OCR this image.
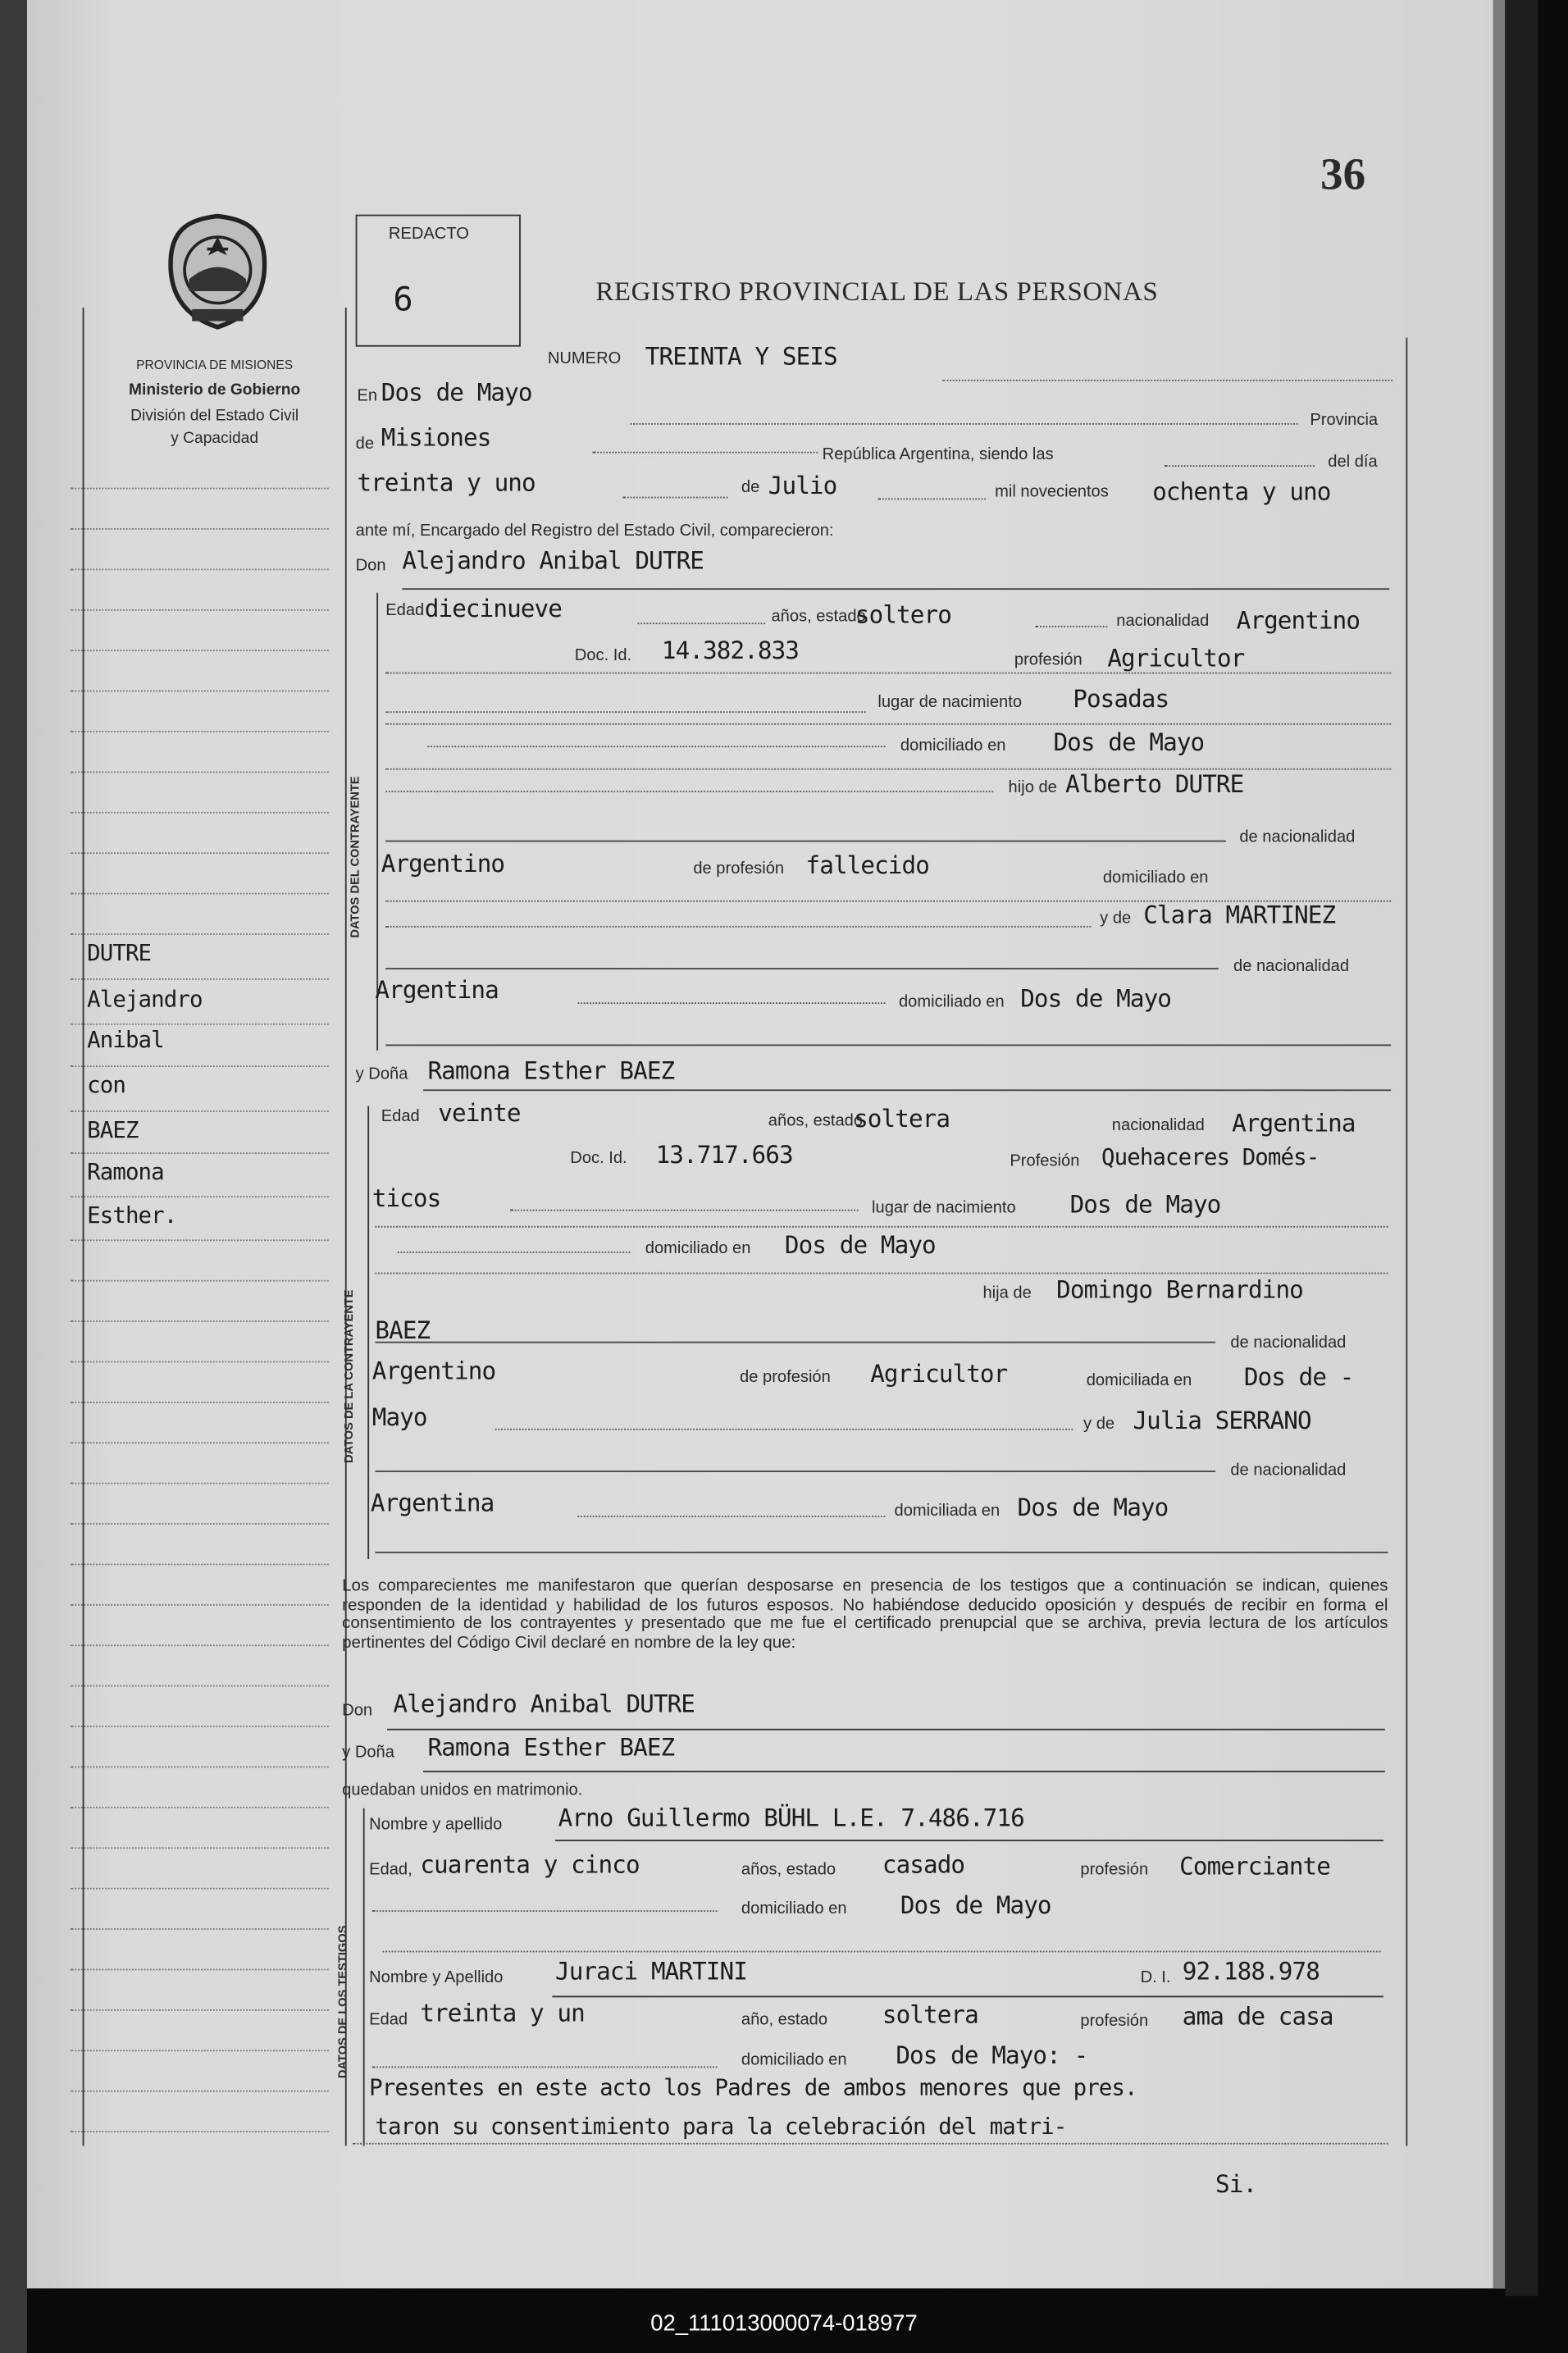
36
REDACTO
6	REGISTRO PROVINCIAL DE LAS PERSONAS
PROVINCIA DE MISIONES
Ministerio de Gobierno
División del Estado Civil
y Capacidad
DUTRE
Alejandro
Anibal
con
BAEZ
Ramona
Esther.
DATOS DEL CONTRAYENTE
DATOS DE LA CONTRAYENTE
DATOS DE LOS TESTIGOS
NUMERO TREINTA Y SEIS
En Dos de Mayo
Provincia
de Misiones
República Argentina, siendo las	del día
treinta y uno	de Julio	mil novecientos	ochenta y uno
ante mí, Encargado del Registro del Estado Civil, comparecieron:
Don Alejandro Anibal DUTRE
Edad diecinueve	años, estado
soltero	nacionalidad Argentino
Doc. Id. 14.382.833	profesión Agricultor
lugar de nacimiento	Posadas
domiciliado en	Dos de Mayo
hijo de Alberto DUTRE
de nacionalidad
Argentino	de profesión fallecido	domiciliado en
y de Clara MARTINEZ
de nacionalidad
Argentina	domiciliado en Dos de Mayo
y Doña Ramona Esther BAEZ
Edad veinte	años, estado
soltera	nacionalidad Argentina
Doc. Id. 13.717.663	Profesión Quehaceres Domés-
ticos	lugar de nacimiento	Dos de Mayo
domiciliado en	Dos de Mayo
hija de Domingo Bernardino
BAEZ	de nacionalidad
Argentino	de profesión	Agricultor	domiciliada en	Dos de -
Mayo	y de Julia SERRANO
de nacionalidad
Argentina	domiciliada en Dos de Mayo
Los comparecientes me manifestaron que querían desposarse en presencia de los testigos que a continuación se indican, quienes responden de la identidad y habilidad de los futuros esposos. No habiéndose deducido oposición y después de recibir en forma el consentimiento de los contrayentes y presentado que me fue el certificado prenupcial que se archiva, previa lectura de los artículos pertinentes del Código Civil declaré en nombre de la ley que:
Don Alejandro Anibal DUTRE
y Doña	Ramona Esther BAEZ
quedaban unidos en matrimonio.
Nombre y apellido	Arno Guillermo BÜHL L.E. 7.486.716
Edad, cuarenta y cinco	años, estado	casado	profesión Comerciante
domiciliado en	Dos de Mayo
Nombre y Apellido	Juraci MARTINI	D. I. 92.188.978
Edad treinta y un	año, estado	soltera	profesión	ama de casa
domiciliado en	Dos de Mayo: -
Presentes en este acto los Padres de ambos menores que pres.
taron su consentimiento para la celebración del matri-
Si.
02_111013000074-018977
